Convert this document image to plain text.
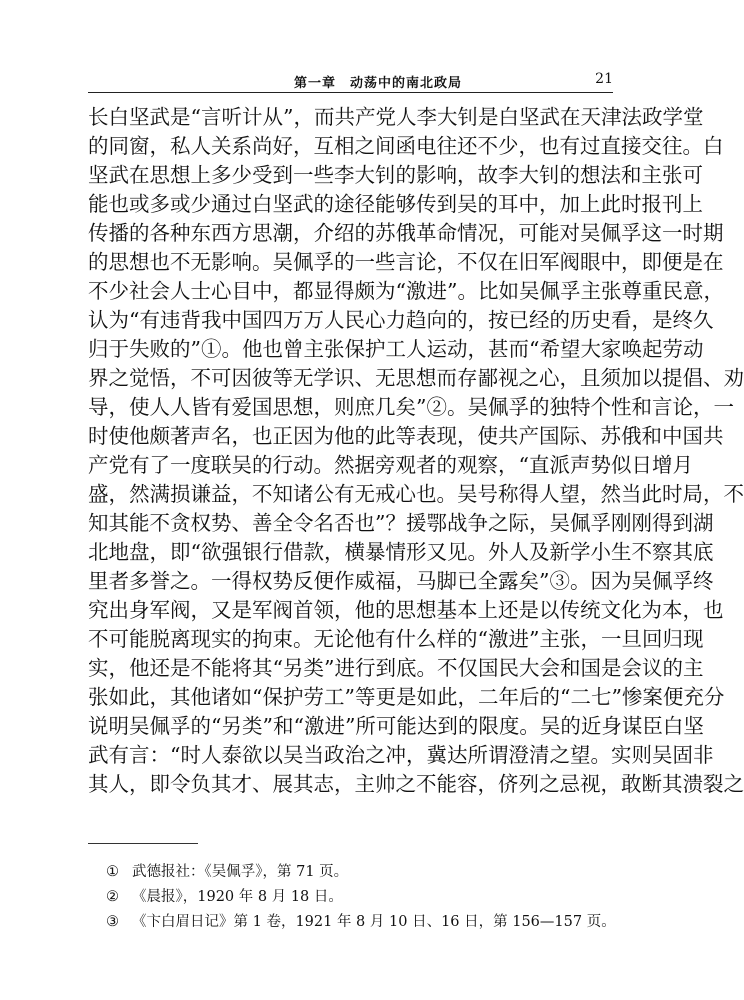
第一章　动荡中的南北政局	21
长白坚武是“言听计从”，而共产党人李大钊是白坚武在天津法政学堂
的同窗，私人关系尚好，互相之间函电往还不少，也有过直接交往。白
坚武在思想上多少受到一些李大钊的影响，故李大钊的想法和主张可
能也或多或少通过白坚武的途径能够传到吴的耳中，加上此时报刊上
传播的各种东西方思潮，介绍的苏俄革命情况，可能对吴佩孚这一时期
的思想也不无影响。吴佩孚的一些言论，不仅在旧军阀眼中，即便是在
不少社会人士心目中，都显得颇为“激进”。比如吴佩孚主张尊重民意，
认为“有违背我中国四万万人民心力趋向的，按已经的历史看，是终久
归于失败的”①。他也曾主张保护工人运动，甚而“希望大家唤起劳动
界之觉悟，不可因彼等无学识、无思想而存鄙视之心，且须加以提倡、劝
导，使人人皆有爱国思想，则庶几矣”②。吴佩孚的独特个性和言论，一
时使他颇著声名，也正因为他的此等表现，使共产国际、苏俄和中国共
产党有了一度联吴的行动。然据旁观者的观察，“直派声势似日增月
盛，然满损谦益，不知诸公有无戒心也。吴号称得人望，然当此时局，不
知其能不贪权势、善全令名否也”？援鄂战争之际，吴佩孚刚刚得到湖
北地盘，即“欲强银行借款，横暴情形又见。外人及新学小生不察其底
里者多誉之。一得权势反便作威福，马脚已全露矣”③。因为吴佩孚终
究出身军阀，又是军阀首领，他的思想基本上还是以传统文化为本，也
不可能脱离现实的拘束。无论他有什么样的“激进”主张，一旦回归现
实，他还是不能将其“另类”进行到底。不仅国民大会和国是会议的主
张如此，其他诸如“保护劳工”等更是如此，二年后的“二七”惨案便充分
说明吴佩孚的“另类”和“激进”所可能达到的限度。吴的近身谋臣白坚
武有言：“时人泰欲以吴当政治之冲，冀达所谓澄清之望。实则吴固非
其人，即令负其才、展其志，主帅之不能容，侪列之忌视，敢断其溃裂之
① 武德报社：《吴佩孚》，第 71 页。
② 《晨报》，1920 年 8 月 18 日。
③ 《卞白眉日记》第 1 卷，1921 年 8 月 10 日、16 日，第 156—157 页。
